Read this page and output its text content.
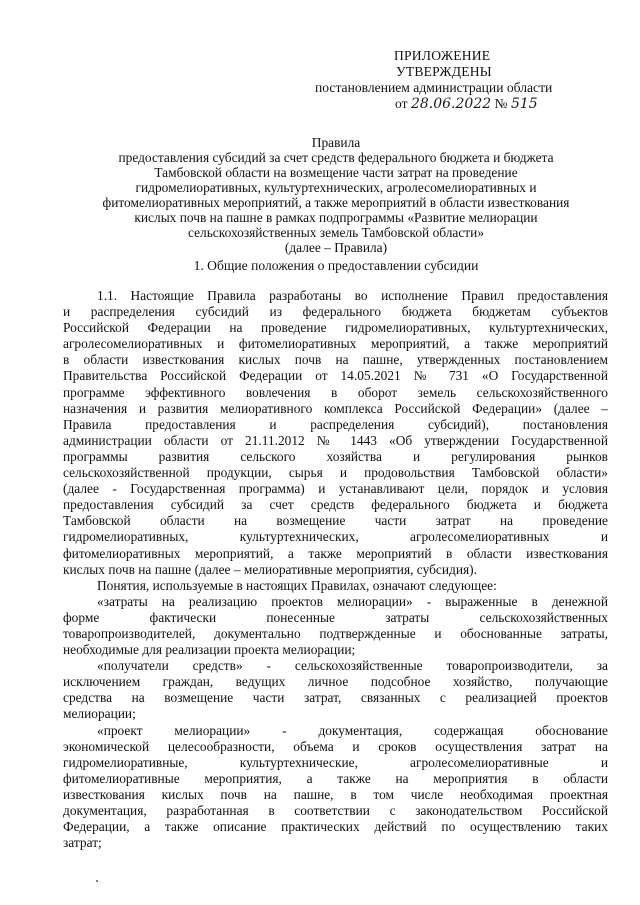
ПРИЛОЖЕНИЕ
УТВЕРЖДЕНЫ
постановлением администрации области
от 28.06.2022 № 515
Правила
предоставления субсидий за счет средств федерального бюджета и бюджета
Тамбовской области на возмещение части затрат на проведение
гидромелиоративных, культуртехнических, агролесомелиоративных и
фитомелиоративных мероприятий, а также мероприятий в области известкования
кислых почв на пашне в рамках подпрограммы «Развитие мелиорации
сельскохозяйственных земель Тамбовской области»
(далее – Правила)
1. Общие положения о предоставлении субсидии
1.1. Настоящие Правила разработаны во исполнение Правил предоставления
и распределения субсидий из федерального бюджета бюджетам субъектов
Российской Федерации на проведение гидромелиоративных, культуртехнических,
агролесомелиоративных и фитомелиоративных мероприятий, а также мероприятий
в области известкования кислых почв на пашне, утвержденных постановлением
Правительства Российской Федерации от 14.05.2021 № 731 «О Государственной
программе эффективного вовлечения в оборот земель сельскохозяйственного
назначения и развития мелиоративного комплекса Российской Федерации» (далее –
Правила предоставления и распределения субсидий), постановления
администрации области от 21.11.2012 № 1443 «Об утверждении Государственной
программы развития сельского хозяйства и регулирования рынков
сельскохозяйственной продукции, сырья и продовольствия Тамбовской области»
(далее - Государственная программа) и устанавливают цели, порядок и условия
предоставления субсидий за счет средств федерального бюджета и бюджета
Тамбовской области на возмещение части затрат на проведение
гидромелиоративных, культуртехнических, агролесомелиоративных и
фитомелиоративных мероприятий, а также мероприятий в области известкования
кислых почв на пашне (далее – мелиоративные мероприятия, субсидия).
Понятия, используемые в настоящих Правилах, означают следующее:
«затраты на реализацию проектов мелиорации» - выраженные в денежной
форме фактически понесенные затраты сельскохозяйственных
товаропроизводителей, документально подтвержденные и обоснованные затраты,
необходимые для реализации проекта мелиорации;
«получатели средств» - сельскохозяйственные товаропроизводители, за
исключением граждан, ведущих личное подсобное хозяйство, получающие
средства на возмещение части затрат, связанных с реализацией проектов
мелиорации;
«проект мелиорации» - документация, содержащая обоснование
экономической целесообразности, объема и сроков осуществления затрат на
гидромелиоративные, культуртехнические, агролесомелиоративные и
фитомелиоративные мероприятия, а также на мероприятия в области
известкования кислых почв на пашне, в том числе необходимая проектная
документация, разработанная в соответствии с законодательством Российской
Федерации, а также описание практических действий по осуществлению таких
затрат;
